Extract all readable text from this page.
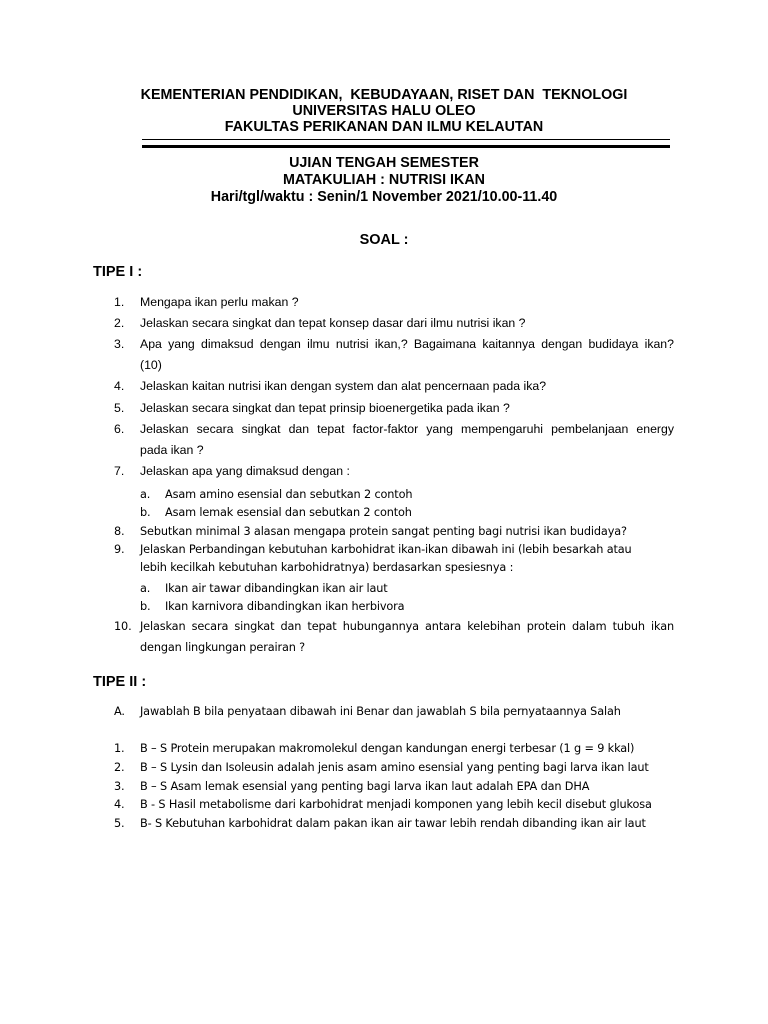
KEMENTERIAN PENDIDIKAN,  KEBUDAYAAN, RISET DAN  TEKNOLOGI

UNIVERSITAS HALU OLEO

FAKULTAS PERIKANAN DAN ILMU KELAUTAN

UJIAN TENGAH SEMESTER

MATAKULIAH : NUTRISI IKAN

Hari/tgl/waktu : Senin/1 November 2021/10.00-11.40

SOAL :
TIPE I :
1.	Mengapa ikan perlu makan ?
2.	Jelaskan secara singkat dan tepat konsep dasar dari ilmu nutrisi ikan ?
3.	Apa yang dimaksud dengan ilmu nutrisi ikan,? Bagaimana kaitannya dengan budidaya ikan?
(10)
4.	Jelaskan kaitan nutrisi ikan dengan system dan alat pencernaan pada ika?
5.	Jelaskan secara singkat dan tepat prinsip bioenergetika pada ikan ?
6.	Jelaskan secara singkat dan tepat factor-faktor yang mempengaruhi pembelanjaan energy
pada ikan ?
7.	Jelaskan apa yang dimaksud dengan :
a. Asam amino esensial dan sebutkan 2 contoh
b. Asam lemak esensial dan sebutkan 2 contoh
8. Sebutkan minimal 3 alasan mengapa protein sangat penting bagi nutrisi ikan budidaya?
9. Jelaskan Perbandingan kebutuhan karbohidrat ikan-ikan dibawah ini (lebih besarkah atau
lebih kecilkah kebutuhan karbohidratnya) berdasarkan spesiesnya :
a. Ikan air tawar dibandingkan ikan air laut
b. Ikan karnivora dibandingkan ikan herbivora
10. Jelaskan secara singkat dan tepat hubungannya antara kelebihan protein dalam tubuh ikan
dengan lingkungan perairan ?
TIPE II :
A. Jawablah B bila penyataan dibawah ini Benar dan jawablah S bila pernyataannya Salah
1. B – S Protein merupakan makromolekul dengan kandungan energi terbesar (1 g = 9 kkal)
2. B – S Lysin dan Isoleusin adalah jenis asam amino esensial yang penting bagi larva ikan laut
3. B – S Asam lemak esensial yang penting bagi larva ikan laut adalah EPA dan DHA
4. B - S Hasil metabolisme dari karbohidrat menjadi komponen yang lebih kecil disebut glukosa
5. B- S Kebutuhan karbohidrat dalam pakan ikan air tawar lebih rendah dibanding ikan air laut
